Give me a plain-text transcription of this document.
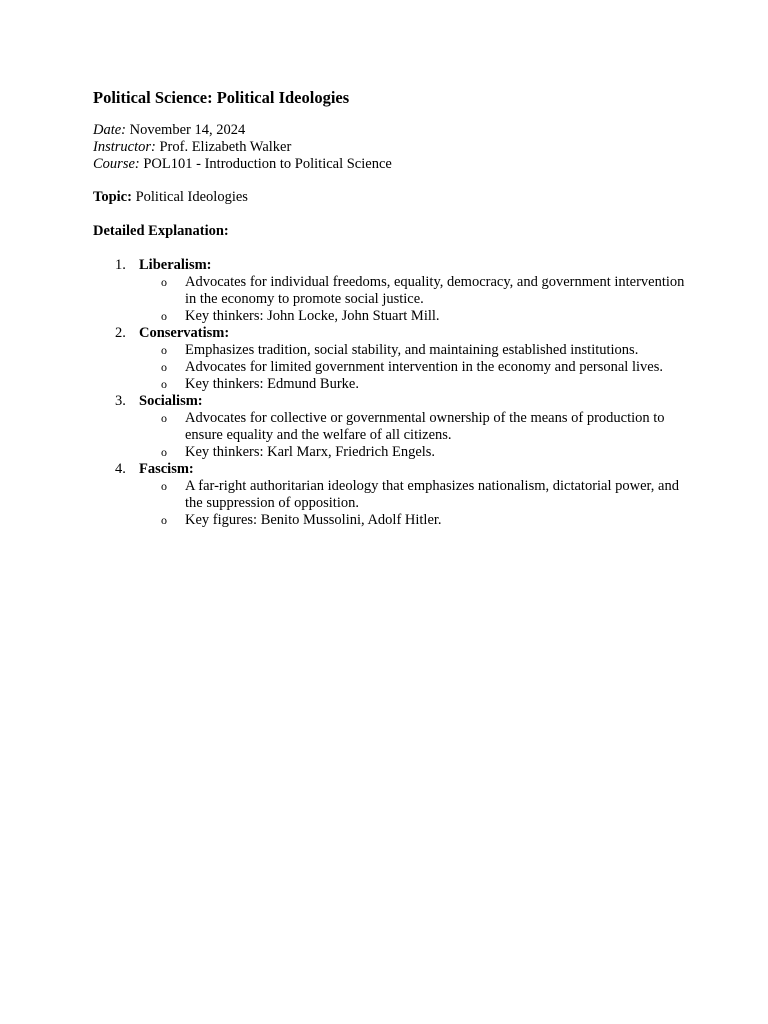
Political Science: Political Ideologies

Date: November 14, 2024

Instructor: Prof. Elizabeth Walker

Course: POL101 - Introduction to Political Science

Topic: Political Ideologies
Detailed Explanation:
1. Liberalism:
o Advocates for individual freedoms, equality, democracy, and government intervention in the economy to promote social justice.
o Key thinkers: John Locke, John Stuart Mill.
2. Conservatism:
o Emphasizes tradition, social stability, and maintaining established institutions.
o Advocates for limited government intervention in the economy and personal lives.
o Key thinkers: Edmund Burke.
3. Socialism:
o Advocates for collective or governmental ownership of the means of production to ensure equality and the welfare of all citizens.
o Key thinkers: Karl Marx, Friedrich Engels.
4. Fascism:
o A far-right authoritarian ideology that emphasizes nationalism, dictatorial power, and the suppression of opposition.
o Key figures: Benito Mussolini, Adolf Hitler.
